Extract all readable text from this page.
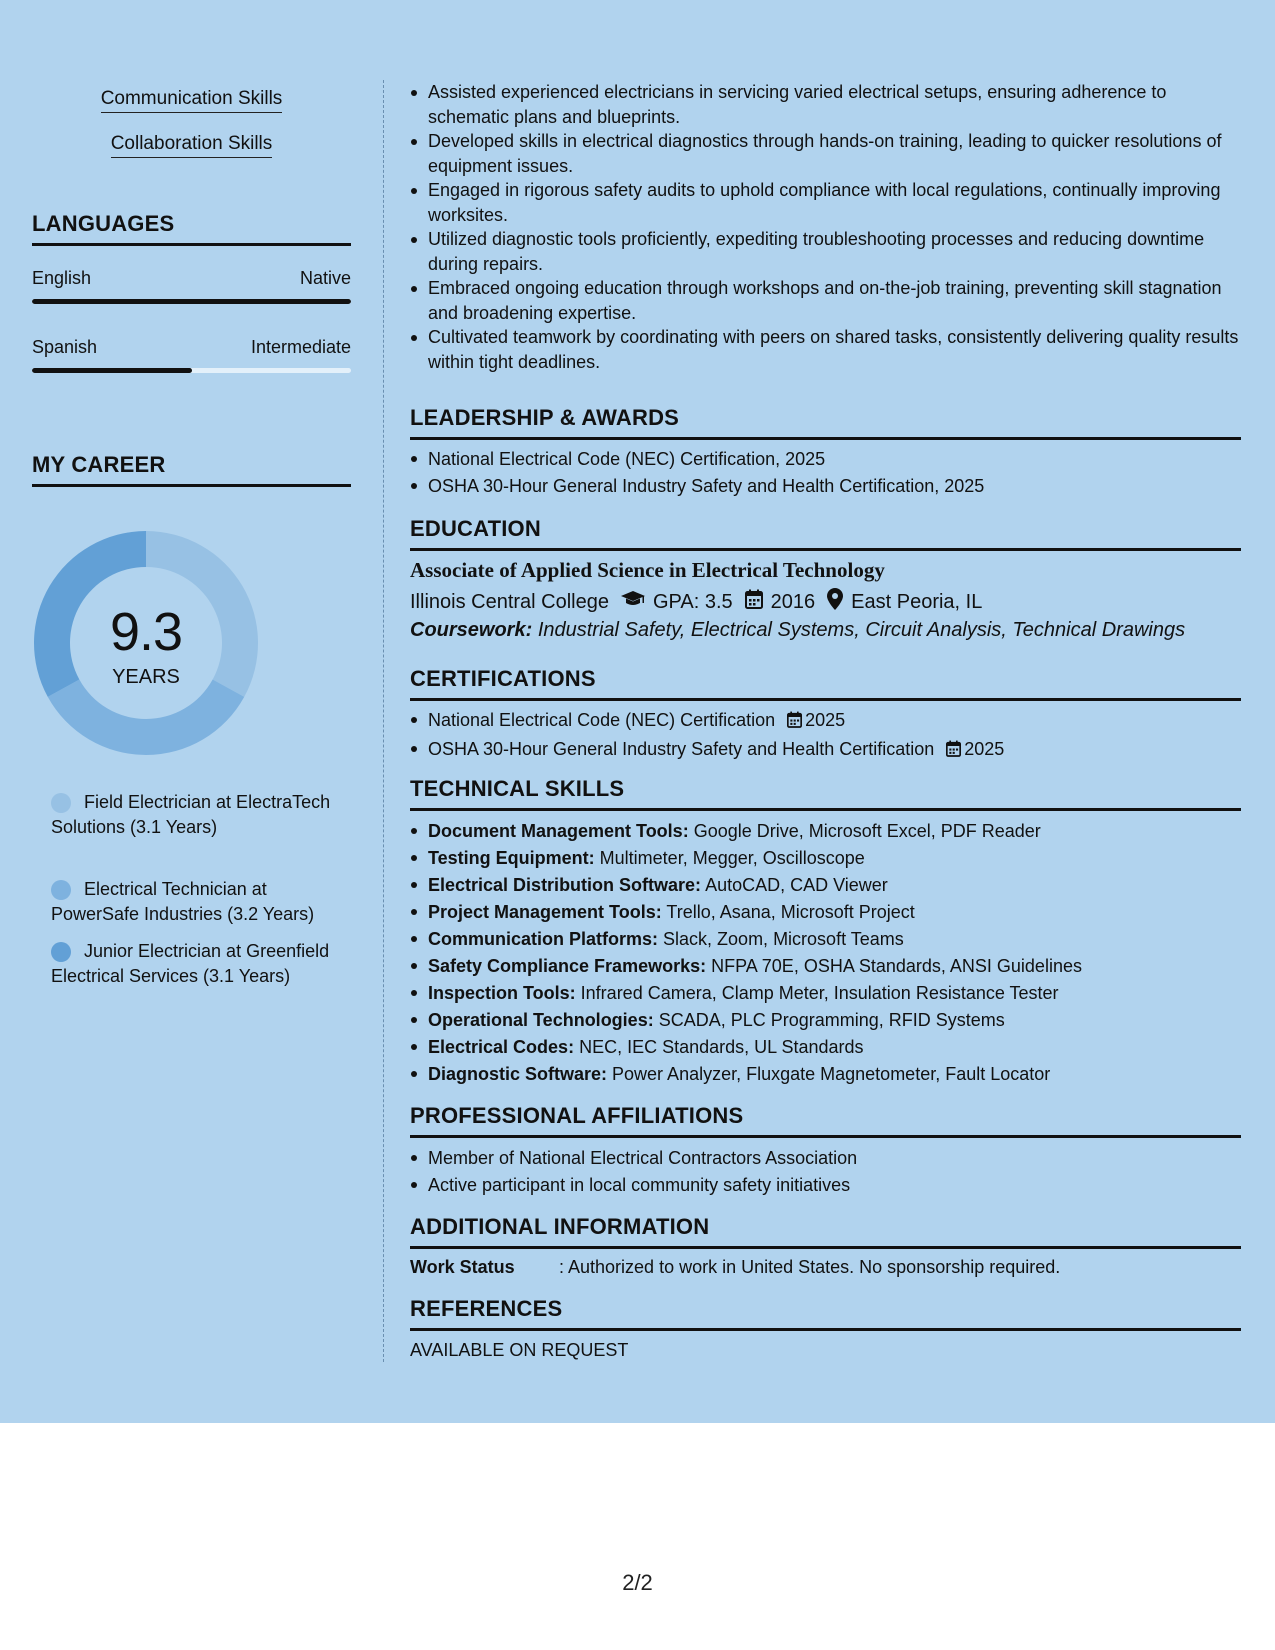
Communication Skills
Collaboration Skills
LANGUAGES
English	Native
Spanish	Intermediate
MY CAREER
9.3
YEARS
Field Electrician at ElectraTech Solutions (3.1 Years)
Electrical Technician at PowerSafe Industries (3.2 Years)
Junior Electrician at Greenfield Electrical Services (3.1 Years)
Assisted experienced electricians in servicing varied electrical setups, ensuring adherence to schematic plans and blueprints.
Developed skills in electrical diagnostics through hands-on training, leading to quicker resolutions of equipment issues.
Engaged in rigorous safety audits to uphold compliance with local regulations, continually improving worksites.
Utilized diagnostic tools proficiently, expediting troubleshooting processes and reducing downtime during repairs.
Embraced ongoing education through workshops and on-the-job training, preventing skill stagnation and broadening expertise.
Cultivated teamwork by coordinating with peers on shared tasks, consistently delivering quality results within tight deadlines.
LEADERSHIP & AWARDS
National Electrical Code (NEC) Certification, 2025
OSHA 30-Hour General Industry Safety and Health Certification, 2025
EDUCATION
Associate of Applied Science in Electrical Technology
Illinois Central College GPA: 3.5 2016 East Peoria, IL
Coursework: Industrial Safety, Electrical Systems, Circuit Analysis, Technical Drawings
CERTIFICATIONS
National Electrical Code (NEC) Certification 2025
OSHA 30-Hour General Industry Safety and Health Certification 2025
TECHNICAL SKILLS
Document Management Tools: Google Drive, Microsoft Excel, PDF Reader
Testing Equipment: Multimeter, Megger, Oscilloscope
Electrical Distribution Software: AutoCAD, CAD Viewer
Project Management Tools: Trello, Asana, Microsoft Project
Communication Platforms: Slack, Zoom, Microsoft Teams
Safety Compliance Frameworks: NFPA 70E, OSHA Standards, ANSI Guidelines
Inspection Tools: Infrared Camera, Clamp Meter, Insulation Resistance Tester
Operational Technologies: SCADA, PLC Programming, RFID Systems
Electrical Codes: NEC, IEC Standards, UL Standards
Diagnostic Software: Power Analyzer, Fluxgate Magnetometer, Fault Locator
PROFESSIONAL AFFILIATIONS
Member of National Electrical Contractors Association
Active participant in local community safety initiatives
ADDITIONAL INFORMATION
Work Status : Authorized to work in United States. No sponsorship required.
REFERENCES
AVAILABLE ON REQUEST
2/2
